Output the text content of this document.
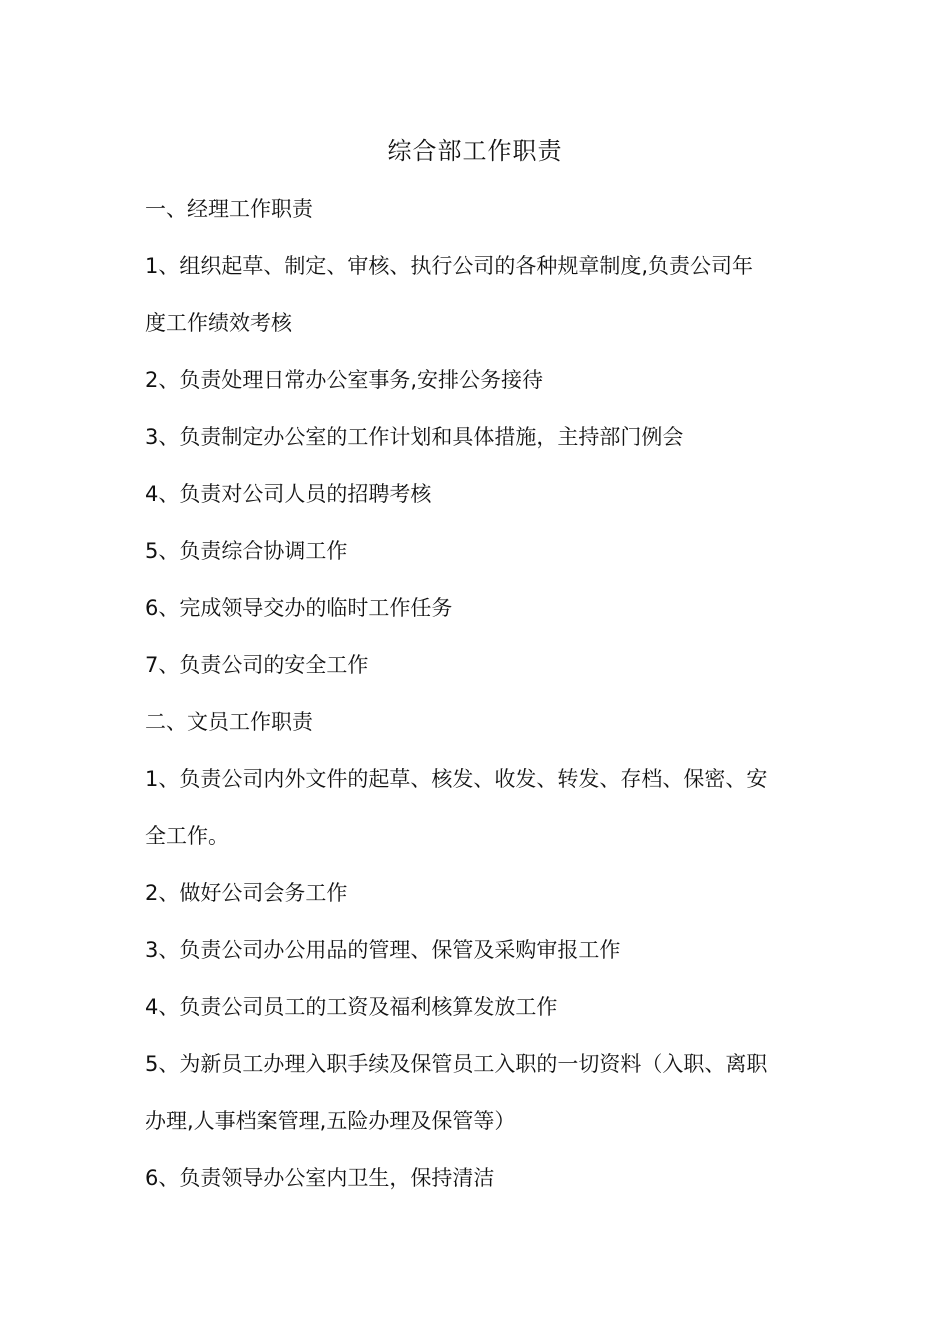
综合部工作职责
一、经理工作职责
1、组织起草、制定、审核、执行公司的各种规章制度,负责公司年
度工作绩效考核
2、负责处理日常办公室事务,安排公务接待
3、负责制定办公室的工作计划和具体措施，主持部门例会
4、负责对公司人员的招聘考核
5、负责综合协调工作
6、完成领导交办的临时工作任务
7、负责公司的安全工作
二、文员工作职责
1、负责公司内外文件的起草、核发、收发、转发、存档、保密、安
全工作。
2、做好公司会务工作
3、负责公司办公用品的管理、保管及采购审报工作
4、负责公司员工的工资及福利核算发放工作
5、为新员工办理入职手续及保管员工入职的一切资料（入职、离职
办理,人事档案管理,五险办理及保管等）
6、负责领导办公室内卫生，保持清洁
